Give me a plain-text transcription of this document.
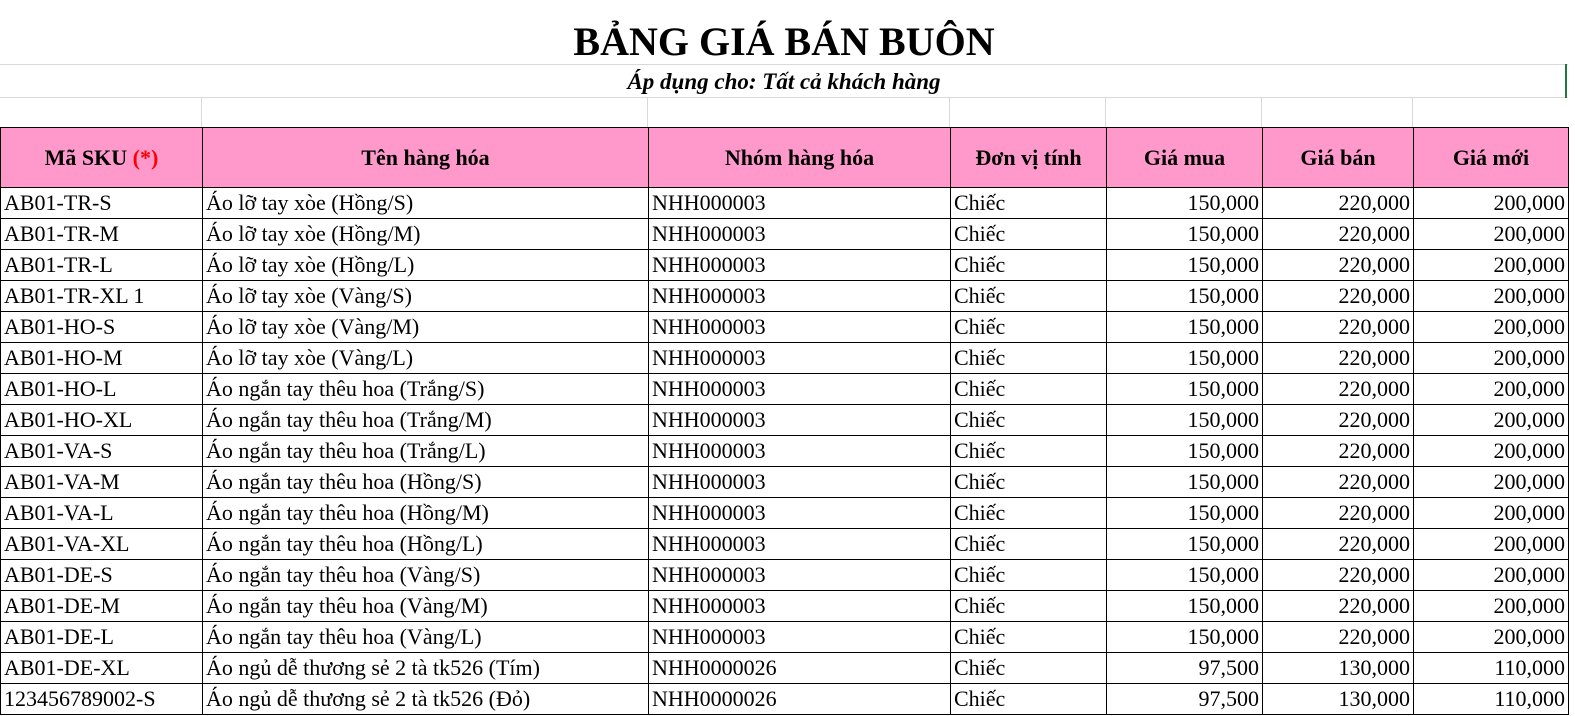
BẢNG GIÁ BÁN BUÔN
Áp dụng cho: Tất cả khách hàng
Mã SKU (*)	Tên hàng hóa	Nhóm hàng hóa	Đơn vị tính	Giá mua	Giá bán	Giá mới
AB01-TR-S	Áo lỡ tay xòe (Hồng/S)	NHH000003	Chiếc	150,000	220,000	200,000
AB01-TR-M	Áo lỡ tay xòe (Hồng/M)	NHH000003	Chiếc	150,000	220,000	200,000
AB01-TR-L	Áo lỡ tay xòe (Hồng/L)	NHH000003	Chiếc	150,000	220,000	200,000
AB01-TR-XL 1	Áo lỡ tay xòe (Vàng/S)	NHH000003	Chiếc	150,000	220,000	200,000
AB01-HO-S	Áo lỡ tay xòe (Vàng/M)	NHH000003	Chiếc	150,000	220,000	200,000
AB01-HO-M	Áo lỡ tay xòe (Vàng/L)	NHH000003	Chiếc	150,000	220,000	200,000
AB01-HO-L	Áo ngắn tay thêu hoa (Trắng/S)	NHH000003	Chiếc	150,000	220,000	200,000
AB01-HO-XL	Áo ngắn tay thêu hoa (Trắng/M)	NHH000003	Chiếc	150,000	220,000	200,000
AB01-VA-S	Áo ngắn tay thêu hoa (Trắng/L)	NHH000003	Chiếc	150,000	220,000	200,000
AB01-VA-M	Áo ngắn tay thêu hoa (Hồng/S)	NHH000003	Chiếc	150,000	220,000	200,000
AB01-VA-L	Áo ngắn tay thêu hoa (Hồng/M)	NHH000003	Chiếc	150,000	220,000	200,000
AB01-VA-XL	Áo ngắn tay thêu hoa (Hồng/L)	NHH000003	Chiếc	150,000	220,000	200,000
AB01-DE-S	Áo ngắn tay thêu hoa (Vàng/S)	NHH000003	Chiếc	150,000	220,000	200,000
AB01-DE-M	Áo ngắn tay thêu hoa (Vàng/M)	NHH000003	Chiếc	150,000	220,000	200,000
AB01-DE-L	Áo ngắn tay thêu hoa (Vàng/L)	NHH000003	Chiếc	150,000	220,000	200,000
AB01-DE-XL	Áo ngủ dễ thương sẻ 2 tà tk526 (Tím)	NHH0000026	Chiếc	97,500	130,000	110,000
123456789002-S	Áo ngủ dễ thương sẻ 2 tà tk526 (Đỏ)	NHH0000026	Chiếc	97,500	130,000	110,000
